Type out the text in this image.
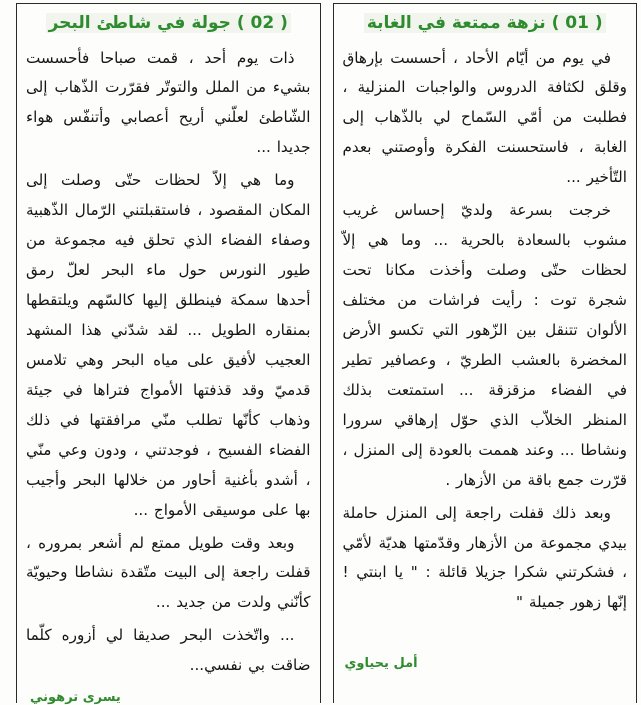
( 01 ) نزهة ممتعة في الغابة

في يوم من أيّام الأحاد ، أحسست بإرهاق وقلق لكثافة الدروس والواجبات المنزلية ، فطلبت من أمّي السّماح لي بالذّهاب إلى الغابة ، فاستحسنت الفكرة وأوصتني بعدم التّأخير ...

خرجت بسرعة ولديّ إحساس غريب مشوب بالسعادة بالحرية ... وما هي إلاّ لحظات حتّى وصلت وأخذت مكانا تحت شجرة توت : رأيت فراشات من مختلف الألوان تتنقل بين الزّهور التي تكسو الأرض المخضرة بالعشب الطريّ ، وعصافير تطير في الفضاء مزقزقة ... استمتعت بذلك المنظر الخلاّب الذي حوّل إرهاقي سرورا ونشاطا ... وعند هممت بالعودة إلى المنزل ، قرّرت جمع باقة من الأزهار .

وبعد ذلك قفلت راجعة إلى المنزل حاملة بيدي مجموعة من الأزهار وقدّمتها هديّة لأمّي ، فشكرتني شكرا جزيلا قائلة : " يا ابنتي ! إنّها زهور جميلة "

أمل يحياوي
( 02 ) جولة في شاطئ البحر

ذات يوم أحد ، قمت صباحا فأحسست بشيء من الملل والتوتّر فقرّرت الذّهاب إلى الشّاطئ لعلّني أريح أعصابي وأتنفّس هواء جديدا ...

وما هي إلاّ لحظات حتّى وصلت إلى المكان المقصود ، فاستقبلتني الرّمال الذّهبية وصفاء الفضاء الذي تحلق فيه مجموعة من طيور النورس حول ماء البحر لعلّ رمق أحدها سمكة فينطلق إليها كالسّهم ويلتقطها بمنقاره الطويل ... لقد شدّني هذا المشهد العجيب لأفيق على مياه البحر وهي تلامس قدميّ وقد قذفتها الأمواج فتراها في جيئة وذهاب كأنّها تطلب منّي مرافقتها في ذلك الفضاء الفسيح ، فوجدتني ، ودون وعي منّي ، أشدو بأغنية أحاور من خلالها البحر وأجيب بها على موسيقى الأمواج ...

وبعد وقت طويل ممتع لم أشعر بمروره ، قفلت راجعة إلى البيت متّقدة نشاطا وحيويّة كأنّني ولدت من جديد ...

... واتّخذت البحر صديقا لي أزوره كلّما ضاقت بي نفسي...

يسرى ترهوني
